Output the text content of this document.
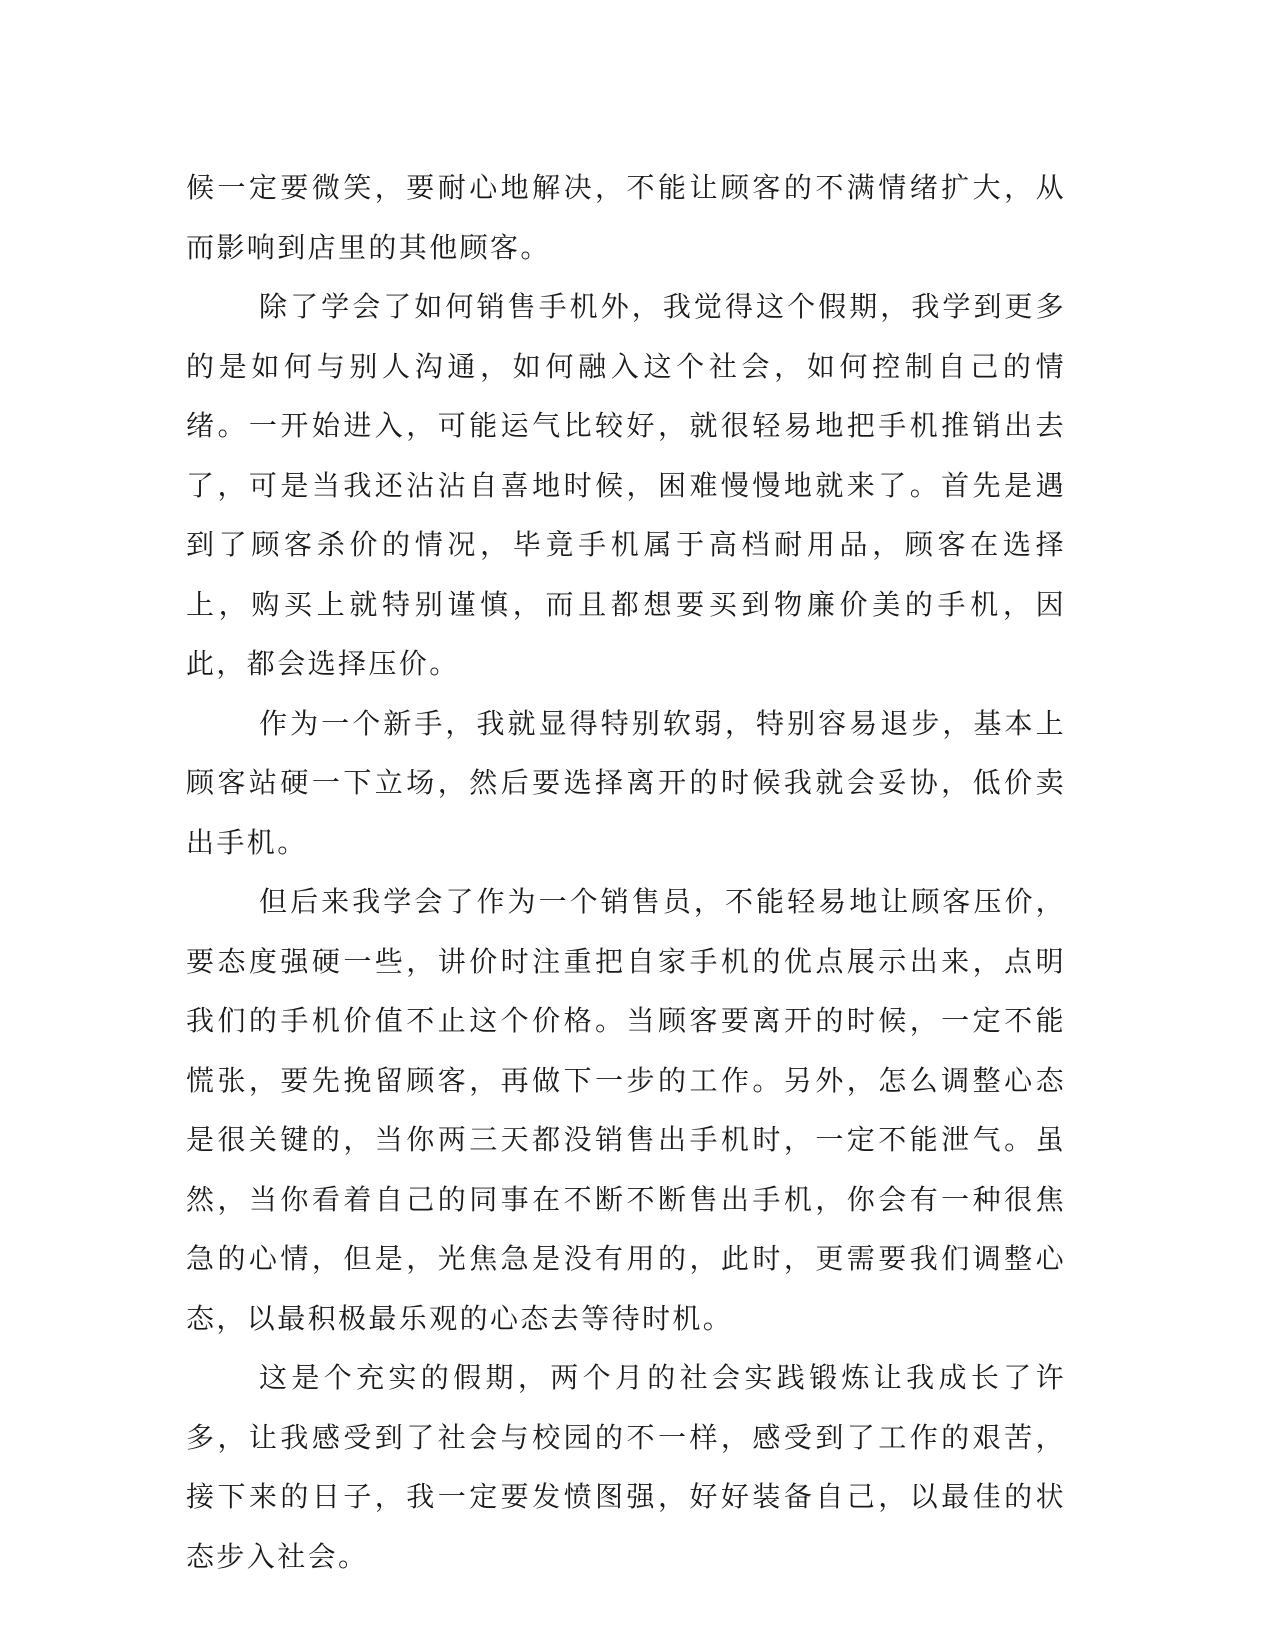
候一定要微笑，要耐心地解决，不能让顾客的不满情绪扩大，从而影响到店里的其他顾客。

除了学会了如何销售手机外，我觉得这个假期，我学到更多的是如何与别人沟通，如何融入这个社会，如何控制自己的情绪。一开始进入，可能运气比较好，就很轻易地把手机推销出去了，可是当我还沾沾自喜地时候，困难慢慢地就来了。首先是遇到了顾客杀价的情况，毕竟手机属于高档耐用品，顾客在选择上，购买上就特别谨慎，而且都想要买到物廉价美的手机，因此，都会选择压价。

作为一个新手，我就显得特别软弱，特别容易退步，基本上顾客站硬一下立场，然后要选择离开的时候我就会妥协，低价卖出手机。

但后来我学会了作为一个销售员，不能轻易地让顾客压价，要态度强硬一些，讲价时注重把自家手机的优点展示出来，点明我们的手机价值不止这个价格。当顾客要离开的时候，一定不能慌张，要先挽留顾客，再做下一步的工作。另外，怎么调整心态是很关键的，当你两三天都没销售出手机时，一定不能泄气。虽然，当你看着自己的同事在不断不断售出手机，你会有一种很焦急的心情，但是，光焦急是没有用的，此时，更需要我们调整心态，以最积极最乐观的心态去等待时机。

这是个充实的假期，两个月的社会实践锻炼让我成长了许多，让我感受到了社会与校园的不一样，感受到了工作的艰苦，接下来的日子，我一定要发愤图强，好好装备自己，以最佳的状态步入社会。
